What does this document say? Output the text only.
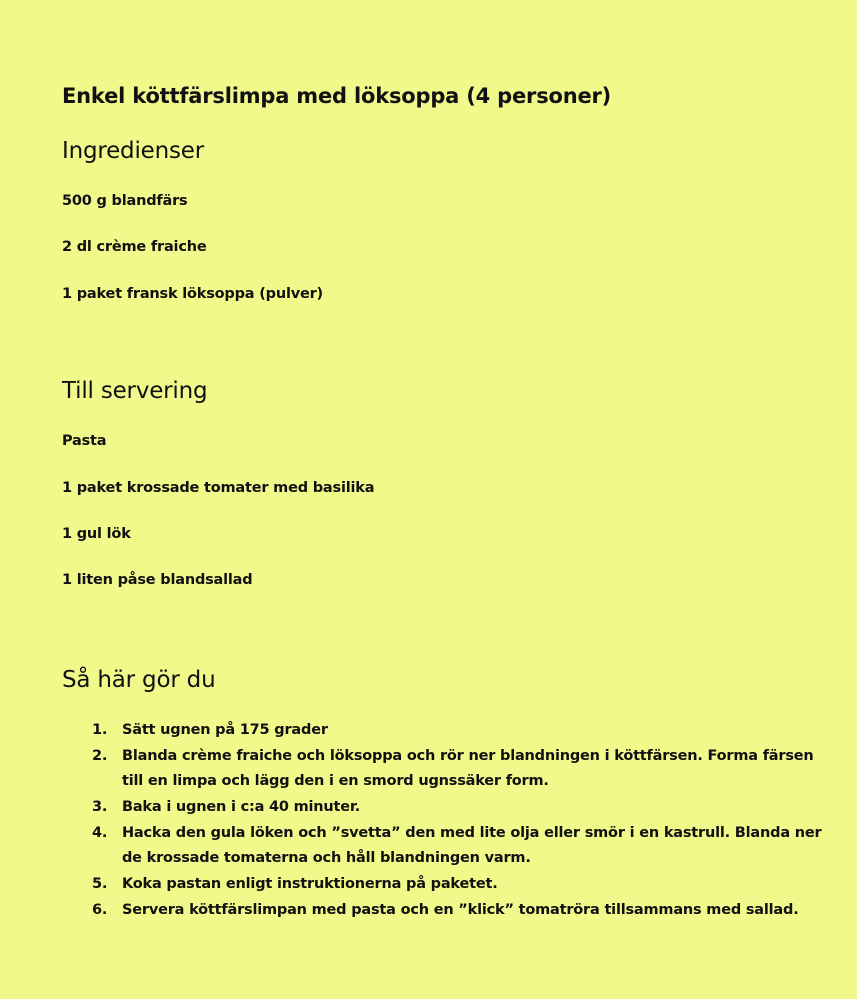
Enkel köttfärslimpa med löksoppa (4 personer)
Ingredienser

500 g blandfärs

2 dl crème fraiche

1 paket fransk löksoppa (pulver)

Till servering

Pasta

1 paket krossade tomater med basilika

1 gul lök

1 liten påse blandsallad

Så här gör du
1.	Sätt ugnen på 175 grader
2.	Blanda crème fraiche och löksoppa och rör ner blandningen i köttfärsen. Forma färsen till en limpa och lägg den i en smord ugnssäker form.
3.	Baka i ugnen i c:a 40 minuter.
4.	Hacka den gula löken och ”svetta” den med lite olja eller smör i en kastrull. Blanda ner de krossade tomaterna och håll blandningen varm.
5.	Koka pastan enligt instruktionerna på paketet.
6.	Servera köttfärslimpan med pasta och en ”klick” tomatröra tillsammans med sallad.
